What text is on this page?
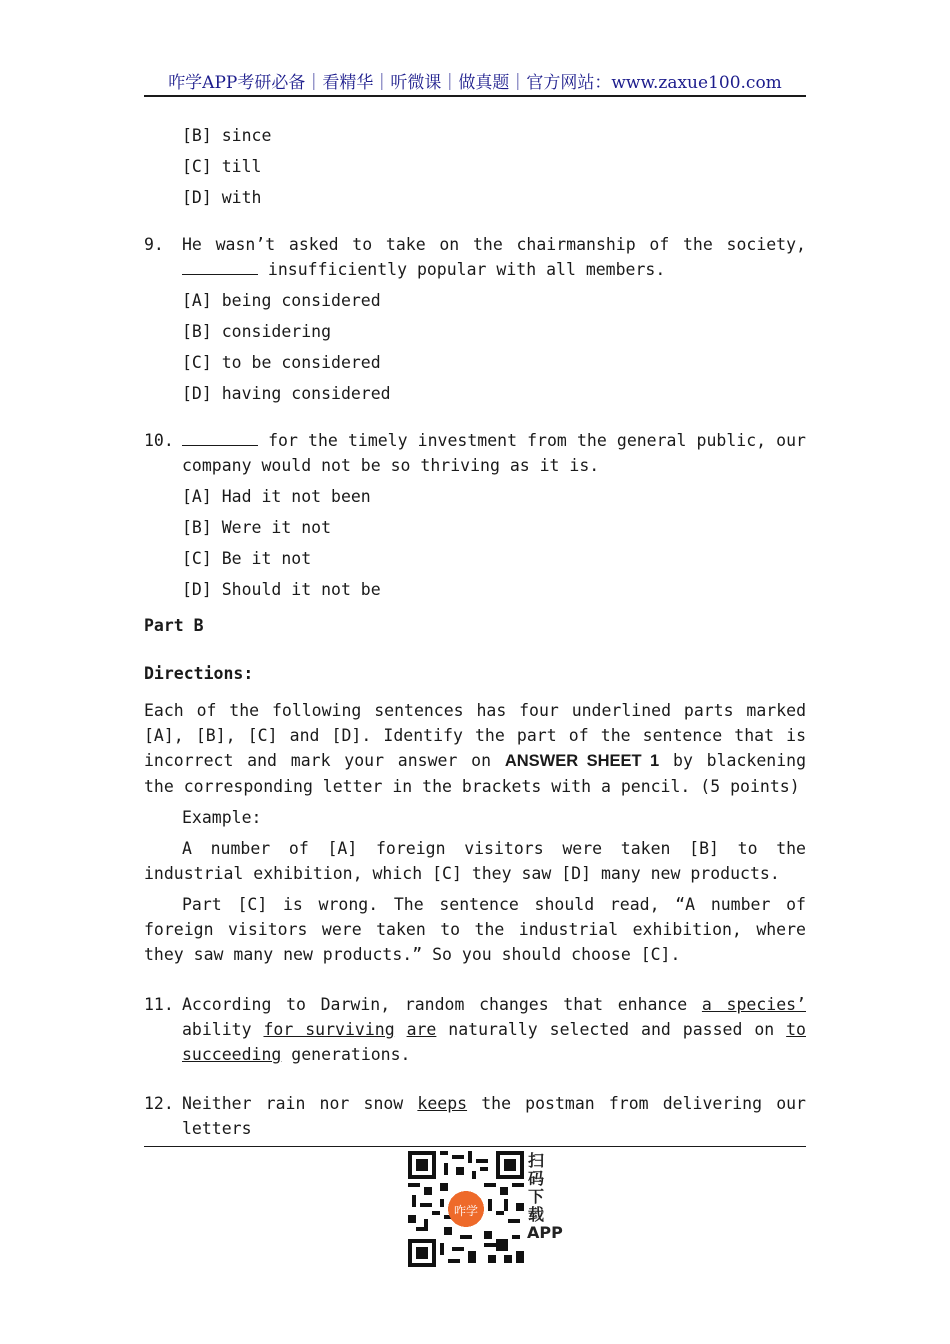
咋学APP考研必备｜看精华｜听微课｜做真题｜官方网站：www.zaxue100.com
[B] since
[C] till
[D] with
9.	He wasn’t asked to take on the chairmanship of the society,
insufficiently popular with all members.
[A] being considered
[B] considering
[C] to be considered
[D] having considered
10.	for the timely investment from the general public, our
company would not be so thriving as it is.
[A] Had it not been
[B] Were it not
[C] Be it not
[D] Should it not be
Part B
Directions:
Each of the following sentences has four underlined parts marked [A], [B], [C] and [D]. Identify the part of the sentence that is incorrect and mark your answer on ANSWER SHEET 1 by blackening the corresponding letter in the brackets with a pencil. (5 points)
Example:
A number of [A] foreign visitors were taken [B] to the industrial exhibition, which [C] they saw [D] many new products.
Part [C] is wrong. The sentence should read, “A number of foreign visitors were taken to the industrial exhibition, where they saw many new products.” So you should choose [C].
11. According to Darwin, random changes that enhance a species’ ability for surviving are naturally selected and passed on to succeeding generations.
12. Neither rain nor snow keeps the postman from delivering our letters
咋学
扫码下载APP
